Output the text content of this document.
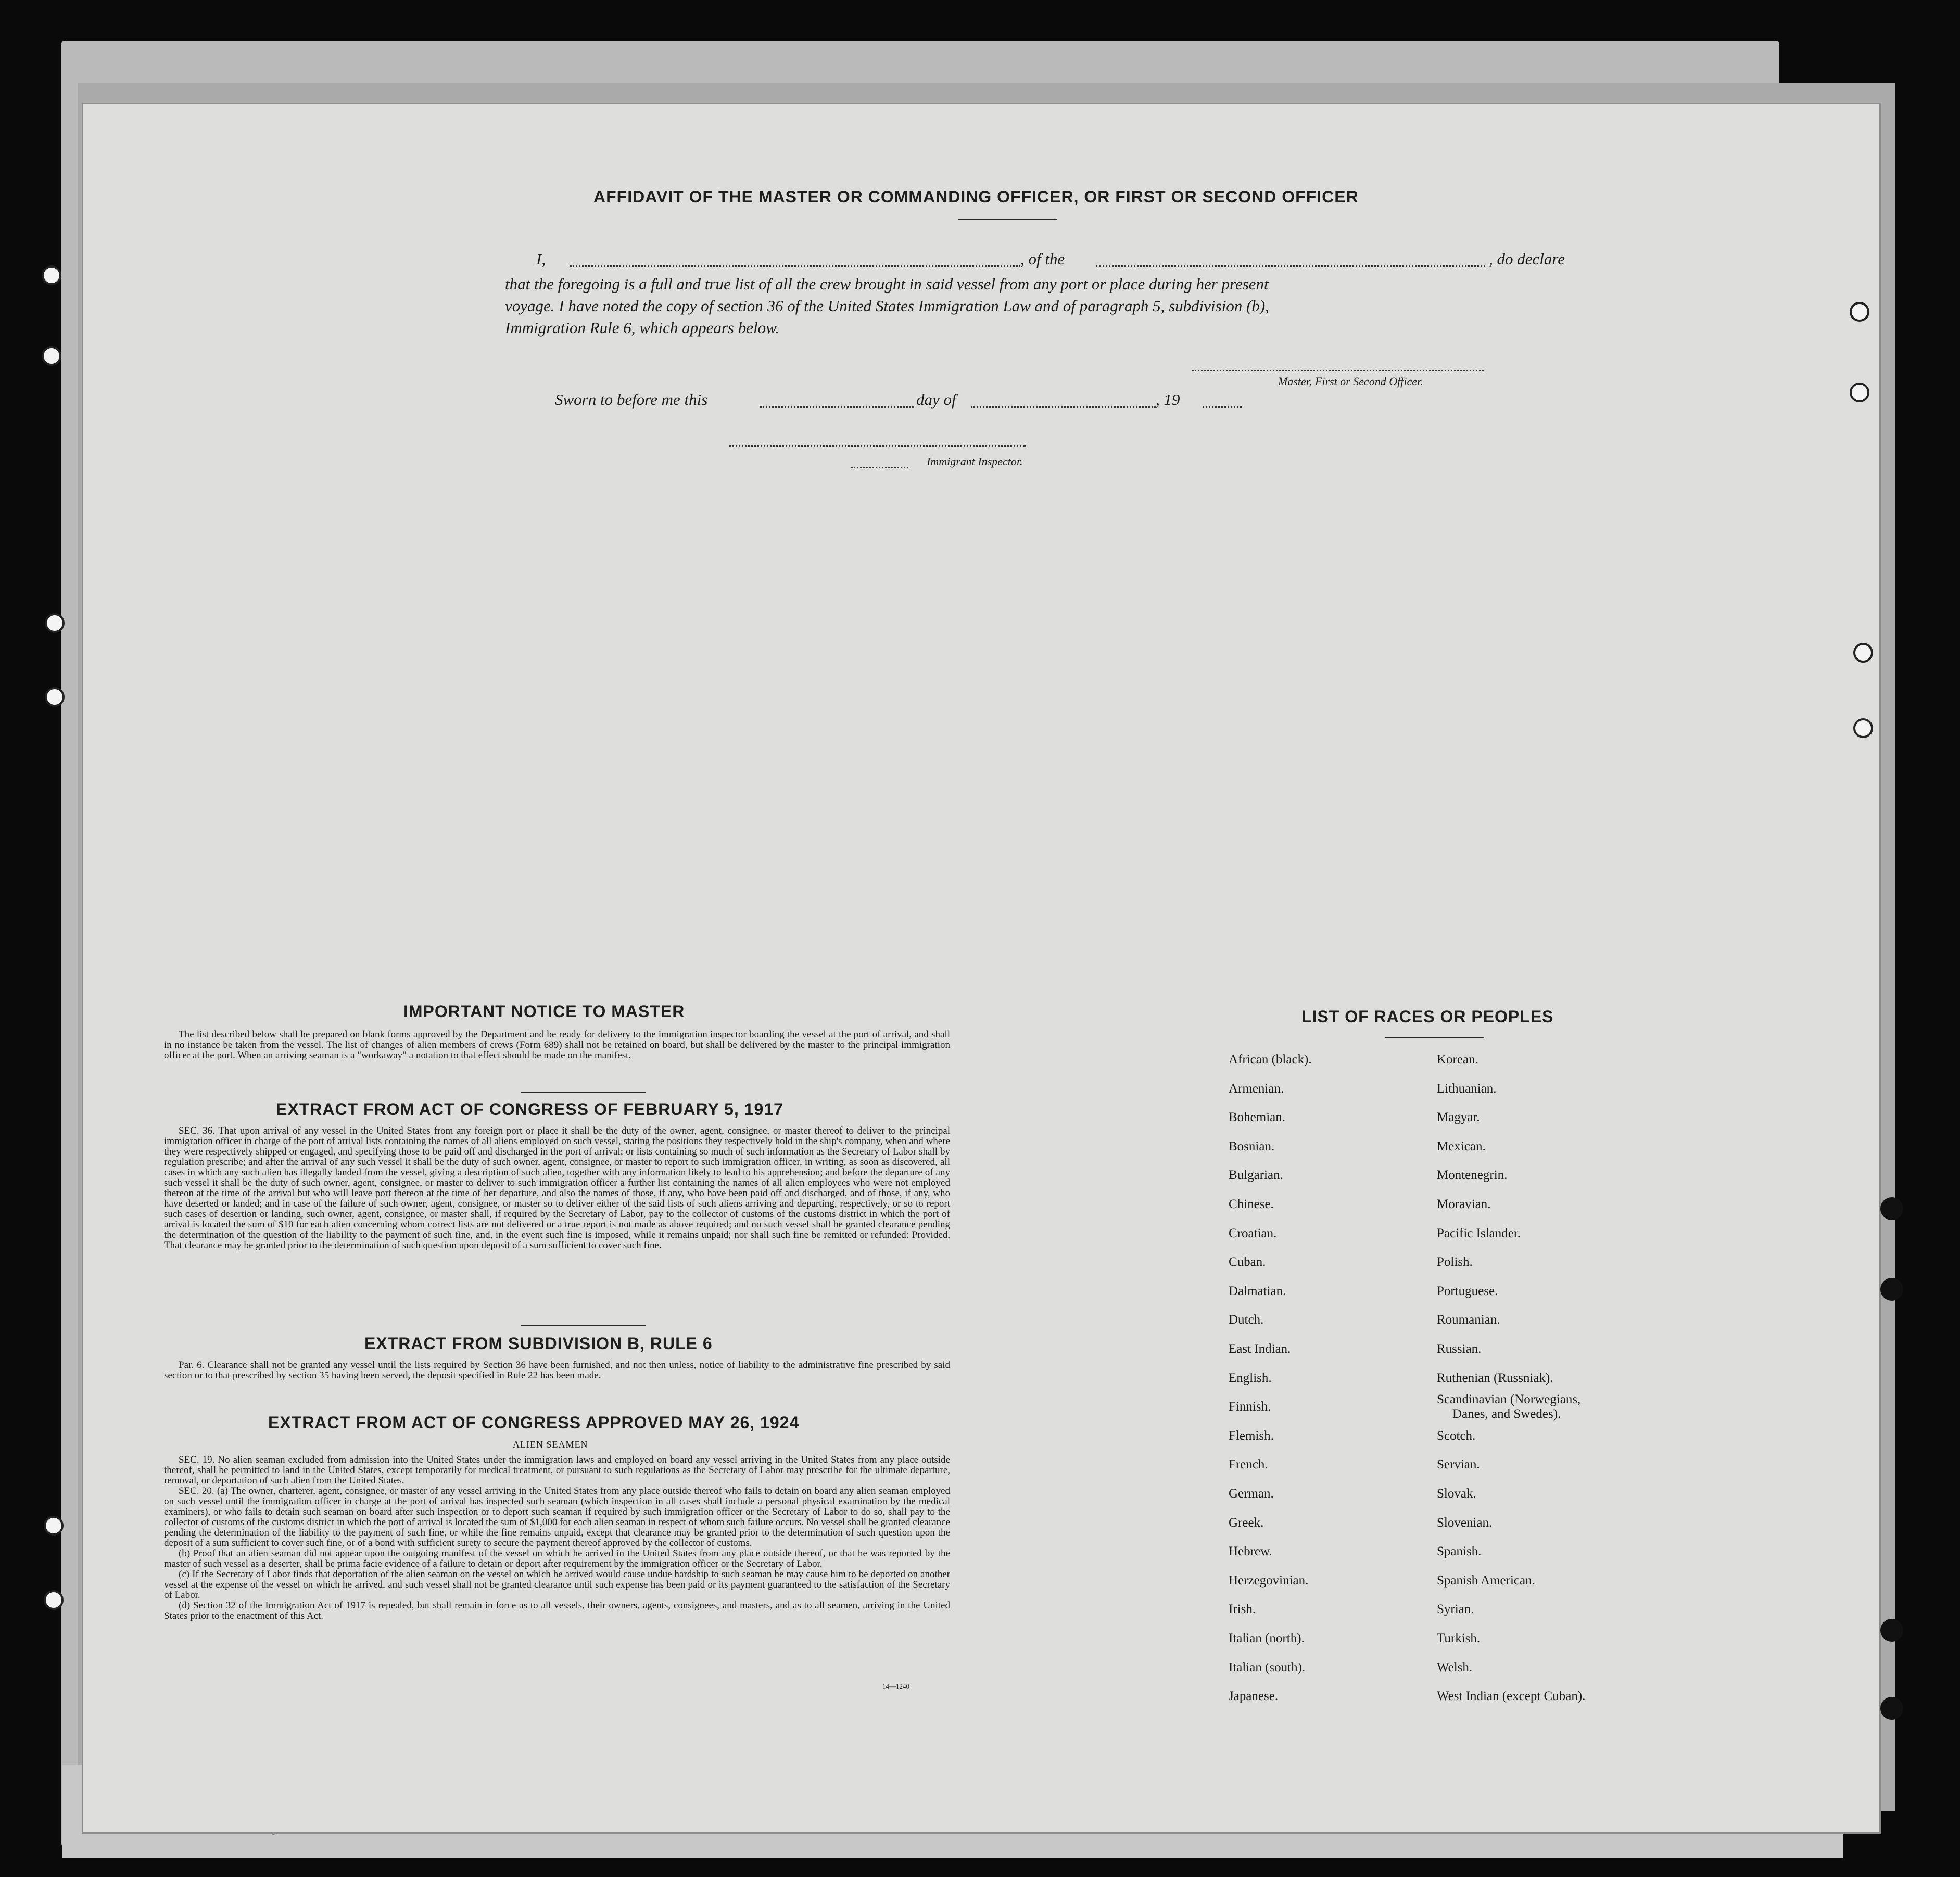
AFFIDAVIT OF THE MASTER OR COMMANDING OFFICER, OR FIRST OR SECOND OFFICER
I,	, of the	, do declare
that the foregoing is a full and true list of all the crew brought in said vessel from any port or place during her present
voyage. I have noted the copy of section 36 of the United States Immigration Law and of paragraph 5, subdivision (b),
Immigration Rule 6, which appears below.
Master, First or Second Officer.
Sworn to before me this	day of	, 19
Immigrant Inspector.
IMPORTANT NOTICE TO MASTER

The list described below shall be prepared on blank forms approved by the Department and be ready for delivery to the immigration inspector boarding the vessel at the port of arrival, and shall in no instance be taken from the vessel. The list of changes of alien members of crews (Form 689) shall not be retained on board, but shall be delivered by the master to the principal immigration officer at the port. When an arriving seaman is a "workaway" a notation to that effect should be made on the manifest.

EXTRACT FROM ACT OF CONGRESS OF FEBRUARY 5, 1917

SEC. 36. That upon arrival of any vessel in the United States from any foreign port or place it shall be the duty of the owner, agent, consignee, or master thereof to deliver to the principal immigration officer in charge of the port of arrival lists containing the names of all aliens employed on such vessel, stating the positions they respectively hold in the ship's company, when and where they were respectively shipped or engaged, and specifying those to be paid off and discharged in the port of arrival; or lists containing so much of such information as the Secretary of Labor shall by regulation prescribe; and after the arrival of any such vessel it shall be the duty of such owner, agent, consignee, or master to report to such immigration officer, in writing, as soon as discovered, all cases in which any such alien has illegally landed from the vessel, giving a description of such alien, together with any information likely to lead to his apprehension; and before the departure of any such vessel it shall be the duty of such owner, agent, consignee, or master to deliver to such immigration officer a further list containing the names of all alien employees who were not employed thereon at the time of the arrival but who will leave port thereon at the time of her departure, and also the names of those, if any, who have been paid off and discharged, and of those, if any, who have deserted or landed; and in case of the failure of such owner, agent, consignee, or master so to deliver either of the said lists of such aliens arriving and departing, respectively, or so to report such cases of desertion or landing, such owner, agent, consignee, or master shall, if required by the Secretary of Labor, pay to the collector of customs of the customs district in which the port of arrival is located the sum of $10 for each alien concerning whom correct lists are not delivered or a true report is not made as above required; and no such vessel shall be granted clearance pending the determination of the question of the liability to the payment of such fine, and, in the event such fine is imposed, while it remains unpaid; nor shall such fine be remitted or refunded: Provided, That clearance may be granted prior to the determination of such question upon deposit of a sum sufficient to cover such fine.

EXTRACT FROM SUBDIVISION B, RULE 6

Par. 6. Clearance shall not be granted any vessel until the lists required by Section 36 have been furnished, and not then unless, notice of liability to the administrative fine prescribed by said section or to that prescribed by section 35 having been served, the deposit specified in Rule 22 has been made.

EXTRACT FROM ACT OF CONGRESS APPROVED MAY 26, 1924
ALIEN SEAMEN

SEC. 19. No alien seaman excluded from admission into the United States under the immigration laws and employed on board any vessel arriving in the United States from any place outside thereof, shall be permitted to land in the United States, except temporarily for medical treatment, or pursuant to such regulations as the Secretary of Labor may prescribe for the ultimate departure, removal, or deportation of such alien from the United States.

SEC. 20. (a) The owner, charterer, agent, consignee, or master of any vessel arriving in the United States from any place outside thereof who fails to detain on board any alien seaman employed on such vessel until the immigration officer in charge at the port of arrival has inspected such seaman (which inspection in all cases shall include a personal physical examination by the medical examiners), or who fails to detain such seaman on board after such inspection or to deport such seaman if required by such immigration officer or the Secretary of Labor to do so, shall pay to the collector of customs of the customs district in which the port of arrival is located the sum of $1,000 for each alien seaman in respect of whom such failure occurs. No vessel shall be granted clearance pending the determination of the liability to the payment of such fine, or while the fine remains unpaid, except that clearance may be granted prior to the determination of such question upon the deposit of a sum sufficient to cover such fine, or of a bond with sufficient surety to secure the payment thereof approved by the collector of customs.

(b) Proof that an alien seaman did not appear upon the outgoing manifest of the vessel on which he arrived in the United States from any place outside thereof, or that he was reported by the master of such vessel as a deserter, shall be prima facie evidence of a failure to detain or deport after requirement by the immigration officer or the Secretary of Labor.

(c) If the Secretary of Labor finds that deportation of the alien seaman on the vessel on which he arrived would cause undue hardship to such seaman he may cause him to be deported on another vessel at the expense of the vessel on which he arrived, and such vessel shall not be granted clearance until such expense has been paid or its payment guaranteed to the satisfaction of the Secretary of Labor.

(d) Section 32 of the Immigration Act of 1917 is repealed, but shall remain in force as to all vessels, their owners, agents, consignees, and masters, and as to all seamen, arriving in the United States prior to the enactment of this Act.

14—1240
LIST OF RACES OR PEOPLES
African (black).
Armenian.
Bohemian.
Bosnian.
Bulgarian.
Chinese.
Croatian.
Cuban.
Dalmatian.
Dutch.
East Indian.
English.
Finnish.
Flemish.
French.
German.
Greek.
Hebrew.
Herzegovinian.
Irish.
Italian (north).
Italian (south).
Japanese.
Korean.
Lithuanian.
Magyar.
Mexican.
Montenegrin.
Moravian.
Pacific Islander.
Polish.
Portuguese.
Roumanian.
Russian.
Ruthenian (Russniak).
Scandinavian (Norwegians,
Danes, and Swedes).
Scotch.
Servian.
Slovak.
Slovenian.
Spanish.
Spanish American.
Syrian.
Turkish.
Welsh.
West Indian (except Cuban).
